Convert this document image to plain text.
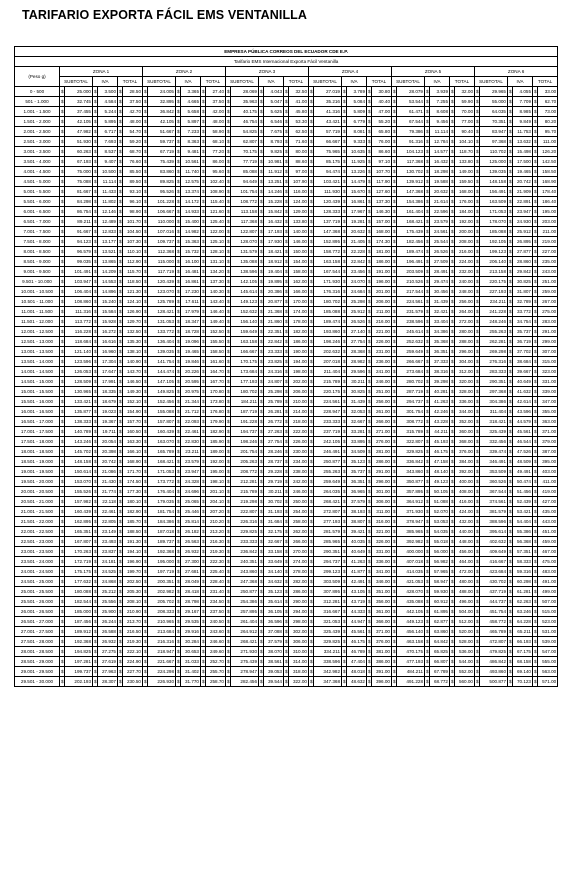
TARIFARIO EXPORTA FÁCIL EMS VENTANILLA
EMPRESA PÚBLICA CORREOS DEL ECUADOR CDE E.P.																																				
Tarifario EMS Internacional Exporta Fácil Ventanilla																																				
(Peso g)	ZONA 1						ZONA 2						ZONA 3						ZONA 4						ZONA 5						ZONA 6					
	SUBTOTAL		IVA		TOTAL		SUBTOTAL		IVA		TOTAL		SUBTOTAL		IVA		TOTAL		SUBTOTAL		IVA		TOTAL		SUBTOTAL		IVA		TOTAL		SUBTOTAL		IVA		TOTAL	
0 - 500	$	25.000	$	3.500	$	28.50	$	24.005	$	3.365	$	27.40	$	28.069	$	4.043	$	32.50	$	27.019	$	3.789	$	30.80	$	28.079	$	3.939	$	32.00	$	29.965	$	4.055	$	33.00
501 - 1.000	$	32.745	$	4.584	$	37.50	$	32.895	$	4.665	$	37.50	$	35.963	$	5.047	$	41.00	$	35.216	$	5.084	$	40.40	$	53.544	$	7.255	$	59.90	$	55.000	$	7.709	$	62.70
1.001 - 1.500	$	37.455	$	5.244	$	42.70	$	36.842	$	5.658	$	42.00	$	40.175	$	5.625	$	45.80	$	41.316	$	5.809	$	47.00	$	61.471	$	8.608	$	70.00	$	64.035	$	8.985	$	73.00
1.501 - 2.000	$	42.105	$	5.895	$	48.00	$	42.105	$	5.897	$	48.00	$	46.754	$	6.546	$	53.30	$	43.421	$	6.779	$	55.20	$	67.544	$	9.456	$	77.00	$	70.351	$	9.849	$	80.20
2.001 - 2.500	$	47.982	$	6.717	$	54.70	$	51.667	$	7.233	$	58.90	$	54.825	$	7.675	$	62.50	$	57.719	$	8.081	$	65.80	$	79.386	$	11.114	$	90.40	$	83.947	$	11.753	$	95.70
2.501 - 3.000	$	51.930	$	7.693	$	59.20	$	59.737	$	8.363	$	68.10	$	62.807	$	8.793	$	71.60	$	66.667	$	9.333	$	76.00	$	91.316	$	12.784	$	104.10	$	97.368	$	13.632	$	111.00
3.001 - 3.500	$	60.263	$	8.537	$	68.70	$	67.719	$	9.481	$	77.20	$	70.175	$	9.825	$	80.00	$	75.965	$	10.635	$	86.60	$	104.123	$	14.577	$	118.70	$	110.702	$	15.498	$	126.20
3.501 - 4.000	$	67.193	$	9.407	$	76.60	$	75.439	$	10.561	$	86.00	$	77.719	$	10.981	$	88.60	$	85.175	$	11.925	$	97.10	$	117.368	$	16.432	$	133.80	$	125.000	$	17.500	$	142.50
4.001 - 4.500	$	75.000	$	10.500	$	85.50	$	83.860	$	11.740	$	95.60	$	85.088	$	11.912	$	97.00	$	94.474	$	13.226	$	107.70	$	130.702	$	18.298	$	149.00	$	139.035	$	19.465	$	158.50
4.501 - 5.000	$	75.088	$	11.114	$	89.50	$	89.825	$	12.575	$	102.40	$	94.649	$	13.251	$	107.90	$	103.421	$	14.479	$	117.90	$	139.912	$	19.588	$	159.50	$	148.158	$	20.742	$	168.90
5.001 - 5.500	$	81.667	$	11.433	$	93.10	$	95.526	$	13.374	$	108.90	$	101.754	$	14.246	$	116.00	$	111.930	$	15.670	$	127.60	$	147.368	$	20.632	$	168.00	$	156.491	$	21.909	$	178.40
5.501 - 6.000	$	84.298	$	11.802	$	96.10	$	101.228	$	14.172	$	115.40	$	108.772	$	15.228	$	124.00	$	120.439	$	16.861	$	137.30	$	154.386	$	21.614	$	176.00	$	163.509	$	22.891	$	186.40
6.001 - 6.500	$	86.754	$	12.146	$	98.90	$	106.667	$	14.933	$	121.60	$	113.158	$	15.842	$	129.00	$	128.333	$	17.967	$	146.30	$	161.404	$	22.596	$	184.00	$	171.053	$	23.947	$	195.00
6.501 - 7.000	$	89.211	$	12.489	$	101.70	$	110.000	$	15.400	$	125.40	$	117.368	$	16.432	$	133.80	$	137.719	$	19.281	$	157.00	$	168.421	$	23.579	$	192.00	$	178.070	$	24.930	$	203.00
7.001 - 7.500	$	91.667	$	12.833	$	104.50	$	107.016	$	14.982	$	122.00	$	122.807	$	17.193	$	140.00	$	147.368	$	20.632	$	168.00	$	175.439	$	24.561	$	200.00	$	185.088	$	25.912	$	211.00
7.501 - 8.000	$	94.123	$	13.177	$	107.30	$	109.737	$	15.363	$	125.10	$	128.070	$	17.930	$	146.00	$	152.895	$	21.405	$	174.30	$	182.456	$	25.544	$	208.00	$	192.105	$	26.895	$	219.00
8.001 - 8.500	$	96.579	$	13.521	$	110.10	$	112.368	$	15.732	$	128.10	$	131.579	$	18.421	$	150.00	$	158.772	$	22.228	$	181.00	$	189.474	$	26.526	$	216.00	$	199.123	$	27.877	$	227.00
8.501 - 9.000	$	99.035	$	13.865	$	112.90	$	115.000	$	16.100	$	131.10	$	135.088	$	18.912	$	154.00	$	163.158	$	22.842	$	186.00	$	196.491	$	27.509	$	224.00	$	206.140	$	28.860	$	235.00
9.001 - 9.500	$	101.491	$	14.209	$	115.70	$	117.719	$	16.481	$	134.20	$	138.596	$	19.404	$	158.00	$	167.544	$	23.456	$	191.00	$	203.509	$	28.491	$	232.00	$	213.158	$	29.842	$	243.00
9.501 - 10.000	$	103.947	$	14.553	$	118.50	$	120.439	$	16.861	$	137.30	$	142.105	$	19.895	$	162.00	$	171.930	$	24.070	$	196.00	$	210.526	$	29.474	$	240.00	$	220.175	$	30.825	$	251.00
10.001 - 10.500	$	106.404	$	14.896	$	121.30	$	123.070	$	17.230	$	140.30	$	145.614	$	20.386	$	166.00	$	176.316	$	24.684	$	201.00	$	217.544	$	30.456	$	248.00	$	227.193	$	31.807	$	259.00
10.501 - 11.000	$	108.860	$	15.240	$	124.10	$	125.789	$	17.611	$	143.40	$	149.123	$	20.877	$	170.00	$	180.702	$	25.298	$	206.00	$	224.561	$	31.439	$	256.00	$	234.211	$	32.789	$	267.00
11.001 - 11.500	$	111.316	$	15.584	$	126.90	$	128.421	$	17.979	$	146.40	$	152.632	$	21.368	$	174.00	$	185.088	$	25.912	$	211.00	$	231.579	$	32.421	$	264.00	$	241.228	$	33.772	$	275.00
11.501 - 12.000	$	113.772	$	15.928	$	129.70	$	131.053	$	18.347	$	149.40	$	156.140	$	21.860	$	178.00	$	189.474	$	26.526	$	216.00	$	238.596	$	33.404	$	272.00	$	248.246	$	34.754	$	283.00
12.001 - 12.500	$	116.228	$	16.272	$	132.50	$	133.772	$	18.728	$	152.50	$	159.649	$	22.351	$	182.00	$	193.860	$	27.140	$	221.00	$	245.614	$	34.386	$	280.00	$	255.263	$	35.737	$	291.00
12.501 - 13.000	$	118.684	$	16.616	$	135.30	$	136.404	$	19.096	$	155.50	$	163.158	$	22.842	$	186.00	$	198.246	$	27.754	$	226.00	$	252.632	$	35.368	$	288.00	$	262.281	$	36.719	$	299.00
13.001 - 13.500	$	121.140	$	16.960	$	138.10	$	139.035	$	19.465	$	158.50	$	166.667	$	23.333	$	190.00	$	202.632	$	28.368	$	231.00	$	259.649	$	36.351	$	296.00	$	269.298	$	37.702	$	307.00
13.501 - 14.000	$	123.596	$	17.304	$	140.90	$	141.754	$	19.846	$	161.60	$	170.175	$	23.825	$	194.00	$	207.018	$	28.982	$	236.00	$	266.667	$	37.333	$	304.00	$	276.316	$	38.684	$	315.00
14.001 - 14.500	$	126.053	$	17.647	$	143.70	$	144.474	$	20.226	$	164.70	$	173.684	$	24.316	$	198.00	$	211.404	$	29.596	$	241.00	$	273.684	$	38.316	$	312.00	$	283.333	$	39.667	$	323.00
14.501 - 15.000	$	128.509	$	17.991	$	146.50	$	147.105	$	20.595	$	167.70	$	177.193	$	24.807	$	202.00	$	215.789	$	30.211	$	246.00	$	280.702	$	39.298	$	320.00	$	290.351	$	40.649	$	331.00
15.001 - 15.500	$	130.965	$	18.335	$	149.30	$	149.825	$	20.975	$	170.80	$	180.702	$	25.298	$	206.00	$	220.175	$	30.825	$	251.00	$	287.719	$	40.281	$	328.00	$	297.368	$	41.632	$	339.00
15.501 - 16.000	$	133.421	$	18.679	$	152.10	$	152.456	$	21.344	$	173.80	$	184.211	$	25.789	$	210.00	$	224.561	$	31.439	$	256.00	$	294.737	$	41.263	$	336.00	$	304.386	$	42.614	$	347.00
16.001 - 16.500	$	135.877	$	19.023	$	154.90	$	155.088	$	21.712	$	176.80	$	187.719	$	26.281	$	214.00	$	228.947	$	32.053	$	261.00	$	301.754	$	42.246	$	344.00	$	311.404	$	43.596	$	355.00
16.501 - 17.000	$	138.333	$	19.367	$	157.70	$	157.807	$	22.093	$	179.90	$	191.228	$	26.772	$	218.00	$	233.333	$	32.667	$	266.00	$	308.772	$	43.228	$	352.00	$	318.421	$	44.579	$	363.00
17.001 - 17.500	$	140.789	$	19.711	$	160.50	$	160.439	$	22.461	$	182.90	$	194.737	$	27.263	$	222.00	$	237.719	$	33.281	$	271.00	$	315.789	$	44.211	$	360.00	$	325.439	$	45.561	$	371.00
17.501 - 18.000	$	143.246	$	20.054	$	163.30	$	163.070	$	22.830	$	185.90	$	198.246	$	27.754	$	226.00	$	242.105	$	33.895	$	276.00	$	322.807	$	45.193	$	368.00	$	332.456	$	46.544	$	379.00
18.001 - 18.500	$	145.702	$	20.398	$	166.10	$	165.789	$	23.211	$	189.00	$	201.754	$	28.246	$	230.00	$	246.491	$	34.509	$	281.00	$	329.825	$	46.175	$	376.00	$	339.474	$	47.526	$	387.00
18.501 - 19.000	$	148.158	$	20.742	$	168.90	$	168.421	$	23.579	$	192.00	$	205.263	$	28.737	$	234.00	$	250.877	$	35.123	$	286.00	$	336.842	$	47.158	$	384.00	$	346.491	$	48.509	$	395.00
19.001 - 19.500	$	150.614	$	21.086	$	171.70	$	171.053	$	23.947	$	195.00	$	208.772	$	29.228	$	238.00	$	255.263	$	35.737	$	291.00	$	343.860	$	48.140	$	392.00	$	353.509	$	49.491	$	403.00
19.501 - 20.000	$	153.070	$	21.430	$	174.50	$	173.772	$	24.328	$	198.10	$	212.281	$	29.719	$	242.00	$	259.649	$	36.351	$	296.00	$	350.877	$	49.123	$	400.00	$	360.526	$	50.474	$	411.00
20.001 - 20.500	$	155.526	$	21.774	$	177.30	$	176.404	$	24.696	$	201.10	$	215.789	$	30.211	$	246.00	$	264.035	$	36.965	$	301.00	$	357.895	$	50.105	$	408.00	$	367.544	$	51.456	$	419.00
20.501 - 21.000	$	157.982	$	22.118	$	180.10	$	179.035	$	25.065	$	204.10	$	219.298	$	30.702	$	250.00	$	268.421	$	37.579	$	306.00	$	364.912	$	51.088	$	416.00	$	374.561	$	52.439	$	427.00
21.001 - 21.500	$	160.439	$	22.461	$	182.90	$	181.754	$	25.446	$	207.20	$	222.807	$	31.193	$	254.00	$	272.807	$	38.193	$	311.00	$	371.930	$	52.070	$	424.00	$	381.579	$	53.421	$	435.00
21.501 - 22.000	$	162.895	$	22.805	$	185.70	$	184.386	$	25.814	$	210.20	$	226.316	$	31.684	$	258.00	$	277.193	$	38.807	$	316.00	$	378.947	$	53.053	$	432.00	$	388.596	$	54.404	$	443.00
22.001 - 22.500	$	165.351	$	23.149	$	188.50	$	187.018	$	26.182	$	213.20	$	229.825	$	32.175	$	262.00	$	281.579	$	39.421	$	321.00	$	385.965	$	54.035	$	440.00	$	395.614	$	55.386	$	451.00
22.501 - 23.000	$	167.807	$	23.493	$	191.30	$	189.737	$	26.563	$	216.30	$	233.333	$	32.667	$	266.00	$	285.965	$	40.035	$	326.00	$	392.982	$	55.018	$	448.00	$	402.632	$	56.368	$	459.00
23.001 - 23.500	$	170.263	$	23.837	$	194.10	$	192.368	$	26.932	$	219.30	$	236.842	$	33.158	$	270.00	$	290.351	$	40.649	$	331.00	$	400.000	$	56.000	$	456.00	$	409.649	$	57.351	$	467.00
23.501 - 24.000	$	172.719	$	24.181	$	196.90	$	195.000	$	27.300	$	222.30	$	240.351	$	33.649	$	274.00	$	294.737	$	41.263	$	336.00	$	407.018	$	56.982	$	464.00	$	416.667	$	58.333	$	475.00
24.001 - 24.500	$	175.175	$	24.525	$	199.70	$	197.719	$	27.681	$	225.40	$	243.860	$	34.140	$	278.00	$	299.123	$	41.877	$	341.00	$	414.035	$	57.965	$	472.00	$	423.684	$	59.316	$	483.00
24.501 - 25.000	$	177.632	$	24.868	$	202.50	$	200.351	$	28.049	$	228.40	$	247.368	$	34.632	$	282.00	$	303.509	$	42.491	$	346.00	$	421.053	$	58.947	$	480.00	$	430.702	$	60.298	$	491.00
25.001 - 25.500	$	180.088	$	25.212	$	205.30	$	202.982	$	28.418	$	231.40	$	250.877	$	35.123	$	286.00	$	307.895	$	43.105	$	351.00	$	428.070	$	59.930	$	488.00	$	437.719	$	61.281	$	499.00
25.501 - 26.000	$	182.544	$	25.556	$	208.10	$	205.702	$	28.798	$	234.50	$	254.386	$	35.614	$	290.00	$	312.281	$	43.719	$	356.00	$	435.088	$	60.912	$	496.00	$	444.737	$	62.263	$	507.00
26.001 - 26.500	$	185.000	$	25.900	$	210.90	$	208.333	$	29.167	$	237.50	$	257.895	$	36.105	$	294.00	$	316.667	$	44.333	$	361.00	$	442.105	$	61.895	$	504.00	$	451.754	$	63.246	$	515.00
26.501 - 27.000	$	187.456	$	26.244	$	213.70	$	210.965	$	29.535	$	240.50	$	261.404	$	36.596	$	298.00	$	321.053	$	44.947	$	366.00	$	449.123	$	62.877	$	512.00	$	458.772	$	64.228	$	523.00
27.001 - 27.500	$	189.912	$	26.588	$	216.50	$	213.684	$	29.916	$	243.60	$	264.912	$	37.088	$	302.00	$	325.439	$	45.561	$	371.00	$	456.140	$	63.860	$	520.00	$	465.789	$	65.211	$	531.00
27.501 - 28.000	$	192.368	$	26.932	$	219.30	$	216.316	$	30.284	$	246.60	$	268.421	$	37.579	$	306.00	$	329.825	$	46.175	$	376.00	$	463.158	$	64.842	$	528.00	$	472.807	$	66.193	$	539.00
28.001 - 28.500	$	194.825	$	27.275	$	222.10	$	218.947	$	30.653	$	249.60	$	271.930	$	38.070	$	310.00	$	334.211	$	46.789	$	381.00	$	470.175	$	65.825	$	536.00	$	479.825	$	67.175	$	547.00
28.501 - 29.000	$	197.281	$	27.619	$	224.90	$	221.667	$	31.033	$	252.70	$	275.439	$	38.561	$	314.00	$	338.596	$	47.404	$	386.00	$	477.193	$	66.807	$	544.00	$	486.842	$	68.158	$	555.00
29.001 - 29.500	$	199.737	$	27.963	$	227.70	$	224.298	$	31.402	$	255.70	$	278.947	$	39.053	$	318.00	$	342.982	$	48.018	$	391.00	$	484.211	$	67.789	$	552.00	$	493.860	$	69.140	$	563.00
29.501 - 30.000	$	202.193	$	28.307	$	230.50	$	226.930	$	31.770	$	258.70	$	282.456	$	39.544	$	322.00	$	347.368	$	48.632	$	396.00	$	491.228	$	68.772	$	560.00	$	500.877	$	70.123	$	571.00
